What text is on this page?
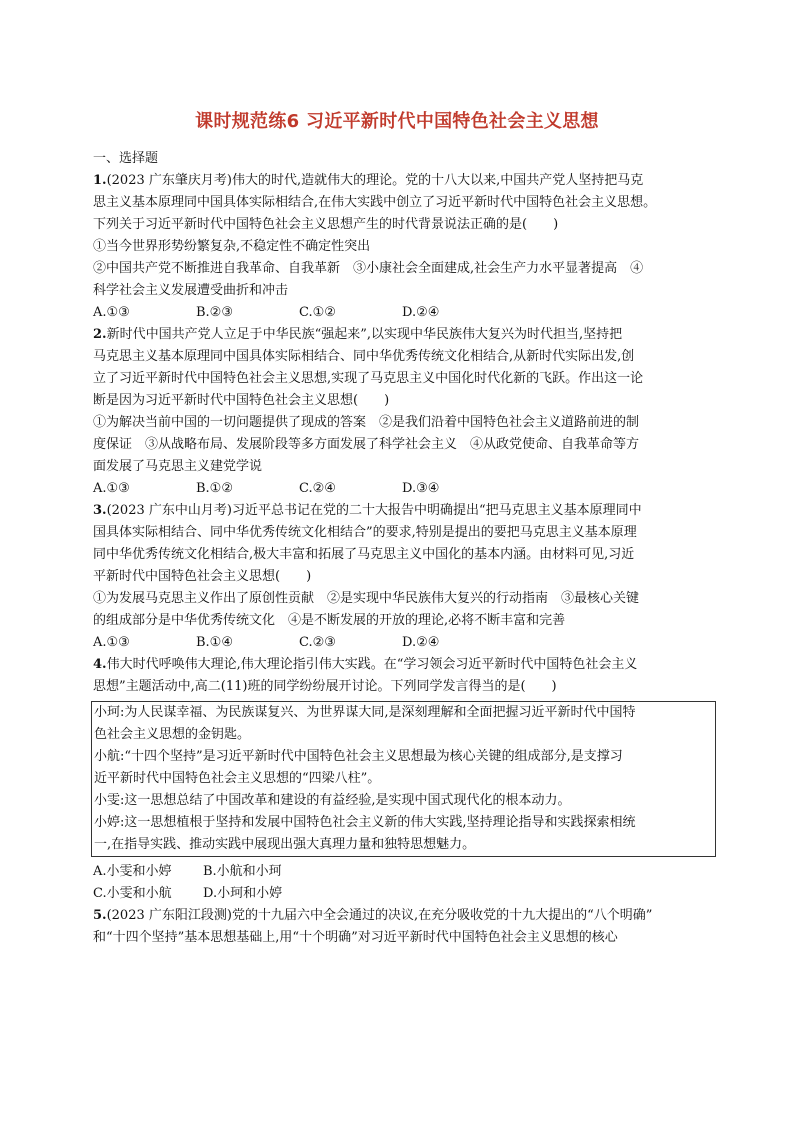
课时规范练6 习近平新时代中国特色社会主义思想
一、选择题
1.(2023 广东肇庆月考)伟大的时代,造就伟大的理论。党的十八大以来,中国共产党人坚持把马克
思主义基本原理同中国具体实际相结合,在伟大实践中创立了习近平新时代中国特色社会主义思想。
下列关于习近平新时代中国特色社会主义思想产生的时代背景说法正确的是(　　)
①当今世界形势纷繁复杂,不稳定性不确定性突出
②中国共产党不断推进自我革命、自我革新　③小康社会全面建成,社会生产力水平显著提高　④
科学社会主义发展遭受曲折和冲击
A.①③	B.②③	C.①②	D.②④
2.新时代中国共产党人立足于中华民族“强起来”,以实现中华民族伟大复兴为时代担当,坚持把
马克思主义基本原理同中国具体实际相结合、同中华优秀传统文化相结合,从新时代实际出发,创
立了习近平新时代中国特色社会主义思想,实现了马克思主义中国化时代化新的飞跃。作出这一论
断是因为习近平新时代中国特色社会主义思想(　　)
①为解决当前中国的一切问题提供了现成的答案　②是我们沿着中国特色社会主义道路前进的制
度保证　③从战略布局、发展阶段等多方面发展了科学社会主义　④从政党使命、自我革命等方
面发展了马克思主义建党学说
A.①③	B.①②	C.②④	D.③④
3.(2023 广东中山月考)习近平总书记在党的二十大报告中明确提出“把马克思主义基本原理同中
国具体实际相结合、同中华优秀传统文化相结合”的要求,特别是提出的要把马克思主义基本原理
同中华优秀传统文化相结合,极大丰富和拓展了马克思主义中国化的基本内涵。由材料可见,习近
平新时代中国特色社会主义思想(　　)
①为发展马克思主义作出了原创性贡献　②是实现中华民族伟大复兴的行动指南　③最核心关键
的组成部分是中华优秀传统文化　④是不断发展的开放的理论,必将不断丰富和完善
A.①③	B.①④	C.②③	D.②④
4.伟大时代呼唤伟大理论,伟大理论指引伟大实践。在“学习领会习近平新时代中国特色社会主义
思想”主题活动中,高二(11)班的同学纷纷展开讨论。下列同学发言得当的是(　　)
小珂:为人民谋幸福、为民族谋复兴、为世界谋大同,是深刻理解和全面把握习近平新时代中国特
色社会主义思想的金钥匙。
小航:“十四个坚持”是习近平新时代中国特色社会主义思想最为核心关键的组成部分,是支撑习
近平新时代中国特色社会主义思想的“四梁八柱”。
小雯:这一思想总结了中国改革和建设的有益经验,是实现中国式现代化的根本动力。
小婷:这一思想植根于坚持和发展中国特色社会主义新的伟大实践,坚持理论指导和实践探索相统
一,在指导实践、推动实践中展现出强大真理力量和独特思想魅力。
A.小雯和小婷	B.小航和小珂
C.小雯和小航	D.小珂和小婷
5.(2023 广东阳江段测)党的十九届六中全会通过的决议,在充分吸收党的十九大提出的“八个明确”
和“十四个坚持”基本思想基础上,用“十个明确”对习近平新时代中国特色社会主义思想的核心
